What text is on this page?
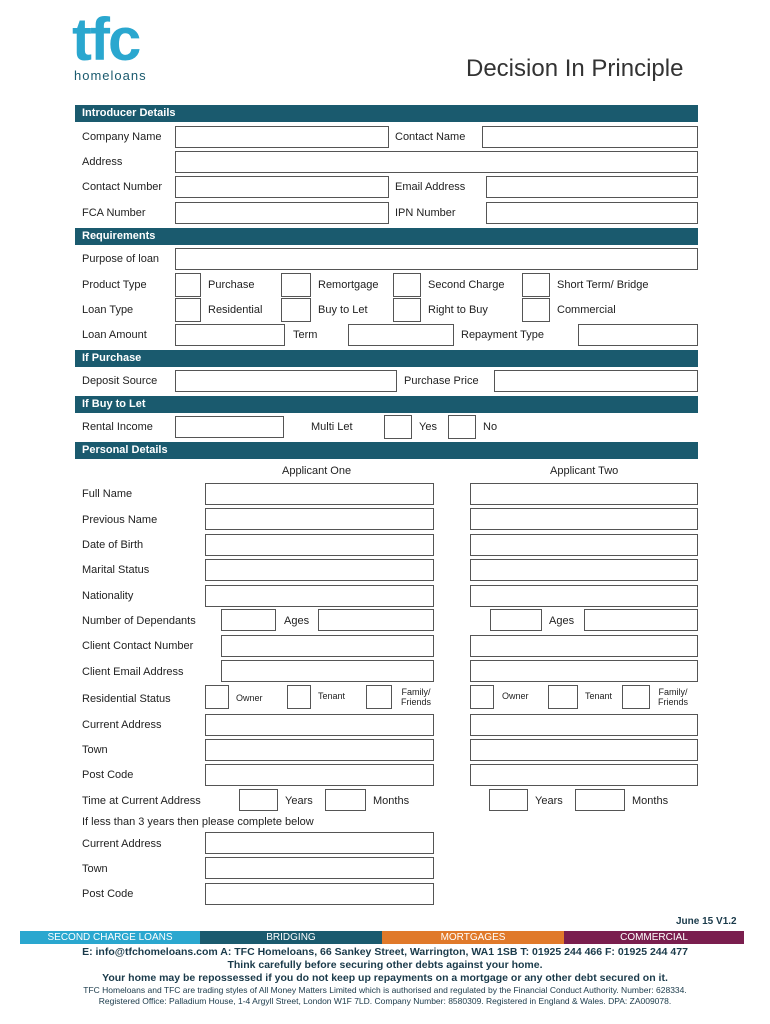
tfc
homeloans	Decision In Principle
Introducer Details
Company Name	Contact Name
Address
Contact Number	Email Address
FCA Number	IPN Number
Requirements
Purpose of loan
Product Type	Purchase	Remortgage	Second Charge	Short Term/ Bridge
Loan Type	Residential	Buy to Let	Right to Buy	Commercial
Loan Amount	Term	Repayment Type
If Purchase
Deposit Source	Purchase Price
If Buy to Let
Rental Income	Multi Let	Yes	No
Personal Details
Applicant One	Applicant Two
Full Name
Previous Name
Date of Birth
Marital Status
Nationality
Number of Dependants	Ages	Ages
Client Contact Number
Client Email Address
Residential Status	Owner	Tenant	Family/
Friends
Owner	Tenant	Family/
Friends
Current Address
Town
Post Code
Time at Current Address	Years	Months	Years	Months
If less than 3 years then please complete below
Current Address
Town
Post Code
June 15 V1.2
SECOND CHARGE LOANS	BRIDGING	MORTGAGES	COMMERCIAL
E: info@tfchomeloans.com A: TFC Homeloans, 66 Sankey Street, Warrington, WA1 1SB T: 01925 244 466 F: 01925 244 477
Think carefully before securing other debts against your home.
Your home may be repossessed if you do not keep up repayments on a mortgage or any other debt secured on it.
TFC Homeloans and TFC are trading styles of All Money Matters Limited which is authorised and regulated by the Financial Conduct Authority. Number: 628334.
Registered Office: Palladium House, 1-4 Argyll Street, London W1F 7LD. Company Number: 8580309. Registered in England & Wales. DPA: ZA009078.
